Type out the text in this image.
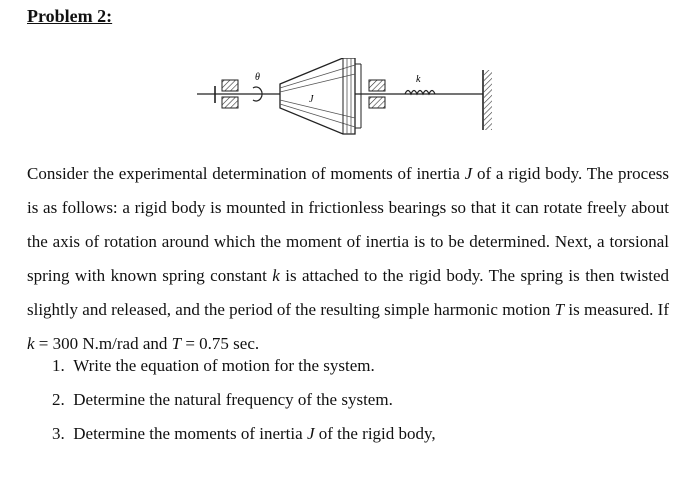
Problem 2:
θ
J
k
Consider the experimental determination of moments of inertia J of a rigid body. The process is as follows: a rigid body is mounted in frictionless bearings so that it can rotate freely about the axis of rotation around which the moment of inertia is to be determined. Next, a torsional spring with known spring constant k is attached to the rigid body. The spring is then twisted slightly and released, and the period of the resulting simple harmonic motion T is measured. If k = 300 N.m/rad and T = 0.75 sec.
1. Write the equation of motion for the system.
2. Determine the natural frequency of the system.
3. Determine the moments of inertia J of the rigid body,
